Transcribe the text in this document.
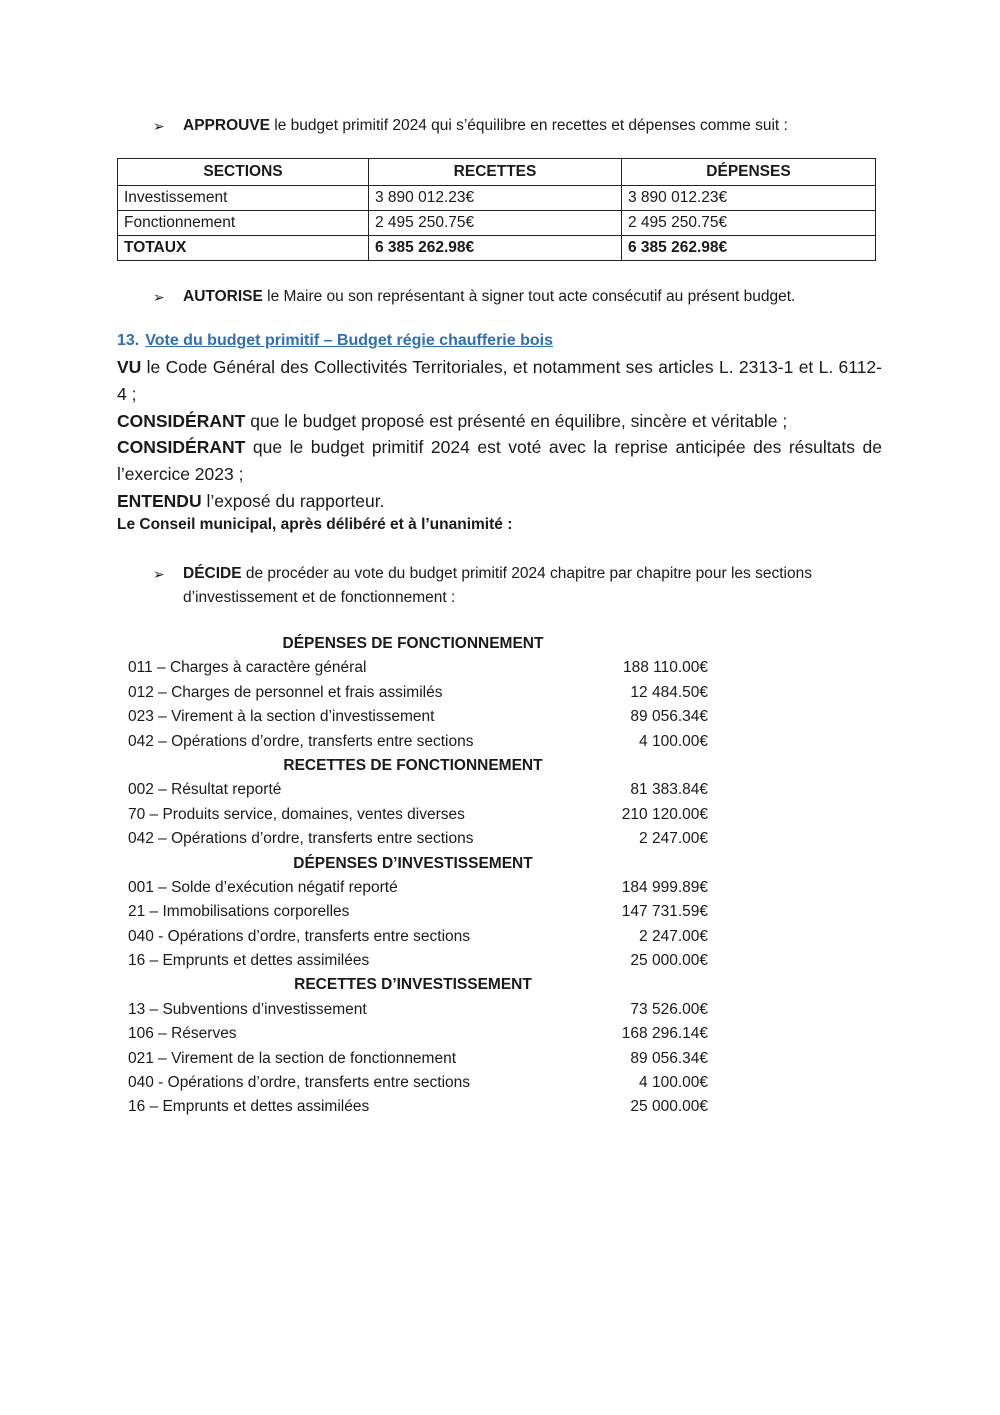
➢	APPROUVE le budget primitif 2024 qui s’équilibre en recettes et dépenses comme suit :
SECTIONS	RECETTES	DÉPENSES
Investissement	3 890 012.23€	3 890 012.23€
Fonctionnement	2 495 250.75€	2 495 250.75€
TOTAUX	6 385 262.98€	6 385 262.98€
➢	AUTORISE le Maire ou son représentant à signer tout acte consécutif au présent budget.
13. Vote du budget primitif – Budget régie chaufferie bois
VU le Code Général des Collectivités Territoriales, et notamment ses articles L. 2313-1 et L. 6112-4 ;
CONSIDÉRANT que le budget proposé est présenté en équilibre, sincère et véritable ;
CONSIDÉRANT que le budget primitif 2024 est voté avec la reprise anticipée des résultats de l’exercice 2023 ;
ENTENDU l’exposé du rapporteur.
Le Conseil municipal, après délibéré et à l’unanimité :
➢	DÉCIDE de procéder au vote du budget primitif 2024 chapitre par chapitre pour les sections d’investissement et de fonctionnement :
DÉPENSES DE FONCTIONNEMENT
011 – Charges à caractère général	188 110.00€
012 – Charges de personnel et frais assimilés	12 484.50€
023 – Virement à la section d’investissement	89 056.34€
042 – Opérations d’ordre, transferts entre sections	4 100.00€
RECETTES DE FONCTIONNEMENT
002 – Résultat reporté	81 383.84€
70 – Produits service, domaines, ventes diverses	210 120.00€
042 – Opérations d’ordre, transferts entre sections	2 247.00€
DÉPENSES D’INVESTISSEMENT
001 – Solde d’exécution négatif reporté	184 999.89€
21 – Immobilisations corporelles	147 731.59€
040 - Opérations d’ordre, transferts entre sections	2 247.00€
16 – Emprunts et dettes assimilées	25 000.00€
RECETTES D’INVESTISSEMENT
13 – Subventions d’investissement	73 526.00€
106 – Réserves	168 296.14€
021 – Virement de la section de fonctionnement	89 056.34€
040 - Opérations d’ordre, transferts entre sections	4 100.00€
16 – Emprunts et dettes assimilées	25 000.00€
